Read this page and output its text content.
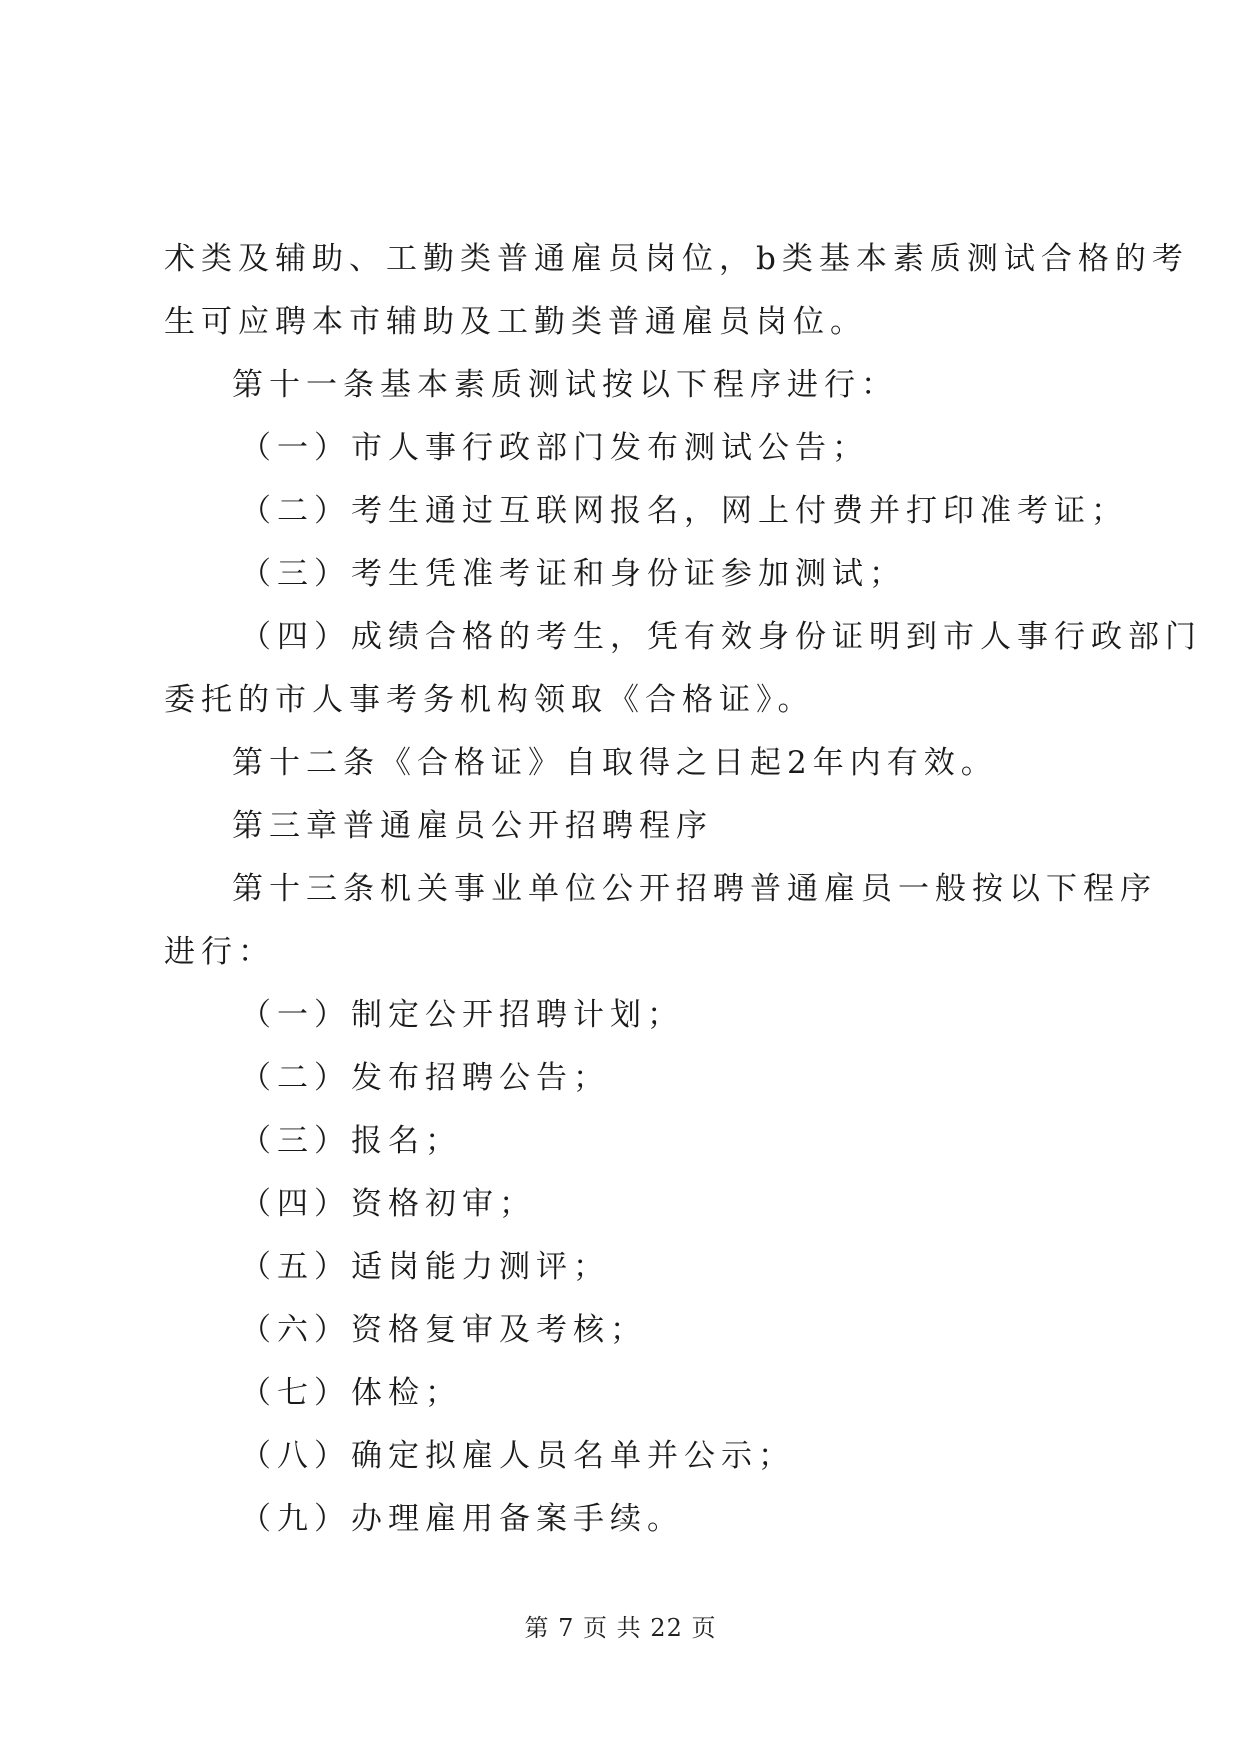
术类及辅助、工勤类普通雇员岗位，b类基本素质测试合格的考
生可应聘本市辅助及工勤类普通雇员岗位。
第十一条基本素质测试按以下程序进行：
（一）市人事行政部门发布测试公告；
（二）考生通过互联网报名，网上付费并打印准考证；
（三）考生凭准考证和身份证参加测试；
（四）成绩合格的考生，凭有效身份证明到市人事行政部门
委托的市人事考务机构领取《合格证》。
第十二条《合格证》自取得之日起2年内有效。
第三章普通雇员公开招聘程序
第十三条机关事业单位公开招聘普通雇员一般按以下程序
进行：
（一）制定公开招聘计划；
（二）发布招聘公告；
（三）报名；
（四）资格初审；
（五）适岗能力测评；
（六）资格复审及考核；
（七）体检；
（八）确定拟雇人员名单并公示；
（九）办理雇用备案手续。
第 7 页 共 22 页
